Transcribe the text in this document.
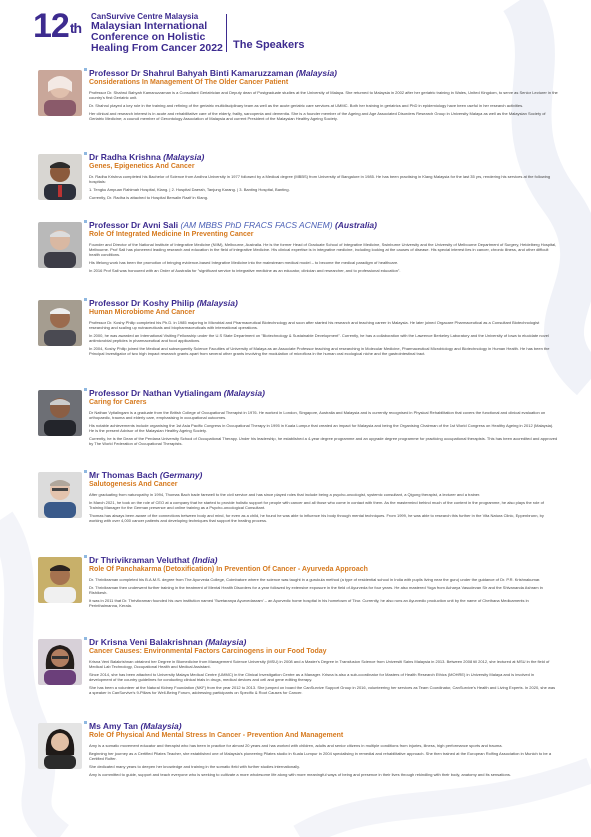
12th
CanSurvive Centre Malaysia
Malaysian International
Conference on Holistic
Healing From Cancer 2022 The Speakers

Professor Dr Shahrul Bahyah Binti Kamaruzzaman (Malaysia)

Considerations In Management Of The Older Cancer Patient

Professor Dr. Shahrul Bahyah Kamaruzzaman is a Consultant Geriatrician and Deputy dean of Postgraduate studies at the University of Malaya. She returned to Malaysia in 2002 after her geriatric training in Wales, United Kingdom, to serve as Senior Lecturer in the country's first Geriatric unit.

Dr. Shahrul played a key role in the training and refining of the geriatric multidisciplinary team as well as the acute geriatric care services at UMMC. Both her training in geriatrics and PhD in epidemiology have been useful in her research activities.

Her clinical and research interest is in acute and rehabilitative care of the elderly, frailty, sarcopenia and dementia. She is a founder member of the Ageing and Age Associated Disorders Research Group in University Malaya as well as the Malaysian Society of Geriatric Medicine; a council member of Gerontology Association of Malaysia and current President of the Malaysian Healthy Ageing Society.

Dr Radha Krishna (Malaysia)

Genes, Epigenetics And Cancer

Dr. Radha Krishna completed his Bachelor of Science from Andhra University in 1977 followed by a Medical degree (MBBS) from University of Bangalore in 1985. He has been practising in Klang Malaysia for the last 35 yrs, rendering his services at the following hospitals:

1. Tengku Ampuan Rahimah Hospital, Klang. | 2. Hospital Daerah, Tanjung Karang. | 3. Banting Hospital, Banting.

Currently, Dr. Radha is attached to Hospital Bersalin Razif in Klang.

Professor Dr Avni Sali (AM MBBS PhD FRACS FACS ACNEM) (Australia)

Role Of Integrated Medicine In Preventing Cancer

Founder and Director of the National Institute of Integrative Medicine (NIIM), Melbourne, Australia. He is the former Head of Graduate School of Integrative Medicine, Swinburne University and the University of Melbourne Department of Surgery, Heidelberg Hospital, Melbourne. Prof Sali has pioneered leading research and education in the field of integrative Medicine. His clinical expertise is in integrative medicine, including looking at the causes of disease. His special interest lies in cancer, chronic illness, and other difficult health conditions.

His lifelong work has been the promotion of bringing evidence-based Integrative Medicine into the mainstream medical model – to become the medical paradigm of healthcare.

In 2016 Prof Sali was honoured with an Order of Australia for "significant service to integrative medicine as an educator, clinician and researcher, and to professional education".

Professor Dr Koshy Philip (Malaysia)

Human Microbiome And Cancer

Professor Dr. Koshy Philip completed his Ph.D. in 1985 majoring in Microbial and Pharmaceutical Biotechnology and soon after started his research and teaching career in Malaysia. He later joined Orgacare Pharmaceutical as a Consultant Biotechnologist researching and scaling up nutraceuticals and biopharmaceuticals with international operations.

In 2000, he was awarded an International Visiting Fellowship under the U.S State Department on "Biotechnology & Sustainable Development". Currently, he has a collaboration with the Lawrence Berkeley Laboratory and the University of Iowa to elucidate novel antimicrobial peptides in pharmaceutical and food applications.

In 2004, Koshy Philip joined the Medical and subsequently Science Faculties of University of Malaya as an Associate Professor teaching and researching in Molecular Medicine, Pharmaceutical Microbiology and Biotechnology in Human Health. He has been the Principal Investigator of two high impact research grants apart from several other grants involving the modulation of microflora in the human oral ecological niche and the gastrointestinal tract.

Professor Dr Nathan Vytialingam (Malaysia)

Caring for Carers

Dr Nathan Vytialingam is a graduate from the British College of Occupational Therapist in 1976. He worked in London, Singapore, Australia and Malaysia and is currently recognised in Physical Rehabilitation that covers the functional and clinical evaluation on orthopaedic, trauma and elderly care, emphasising in occupational outcomes.

His notable achievements include organising the 1st Asia Pacific Congress in Occupational Therapy in 1995 in Kuala Lumpur that created an impact for Malaysia and being the Organising Chairman of the 1st World Congress on Healthy Ageing in 2012 (Malaysia). He is the present Advisor of the Malaysian Healthy Ageing Society.

Currently, he is the Dean of the Perdana University School of Occupational Therapy. Under his leadership, he established a 4-year degree programme and an upgrade degree programme for practicing occupational therapists. This has been accredited and approved by The World Federation of Occupational Therapists.

Mr Thomas Bach (Germany)

Salutogenesis And Cancer

After graduating from naturopathy in 1994, Thomas Bach bade farewell to the civil service and has since played roles that include being a psycho-oncologist, systemic consultant, a Qigong therapist, a lecturer and a trainer.

In March 2021, he took on the role of CEO at a company that he started to provide holistic support for people with cancer and all those who come in contact with them. As the mastermind behind much of the content in the programme, he also plays the role of Training Manager for the German presence and online training as a Psycho-oncological Consultant.

Thomas has always been aware of the connections between body and mind, for even as a child, he found he was able to influence his body through mental techniques. From 1999, he was able to research this further in the Vita Natura Clinic, Eppenbrunn, by working with over 4,000 cancer patients and developing techniques that support the healing process.

Dr Thrivikraman Veluthat (India)

Role Of Panchakarma (Detoxification) In Prevention Of Cancer - Ayurveda Approach

Dr. Thrivikraman completed his B.A.M.S. degree from The Ayurveda College, Coimbatore where the science was taught in a gurukula method (a type of residential school in India with pupils living near the guru) under the guidance of Dr. P.R. Krishnakumar.

Dr. Thrivikraman then underwent further training in the treatment of Mental Health Disorders for a year followed by extensive exposure in the field of Ayurveda for four years. He also mastered Yoga from Acharya Vasudevan Sir and the Shivananda Ashram in Rishikesh.

It was in 2011 that Dr. Thrivikraman founded his own institution named 'Swetaranya Ayurvedasram' – an Ayurvedic home hospital in his hometown of Tirur. Currently, he also runs an Ayurvedic production unit by the name of Chethana Medicaments in Perinthalmanna, Kerala.

Dr Krisna Veni Balakrishnan (Malaysia)

Cancer Causes: Environmental Factors Carcinogens in our Food Today

Krisna Veni Balakrishnan obtained her Degree in Biomedicine from Management Science University (MSU) in 2008 and a Master's Degree in Transfusion Science from Universiti Sains Malaysia in 2013. Between 2008 till 2012, she lectured at MSU in the field of Medical Lab Technology, Occupational Health and Medical Assistant.

Since 2014, she has been attached to University Malaya Medical Centre (UMMC) in the Clinical Investigation Centre as a Manager. Krisna is also a sub-coordinator for Masters of Health Research Ethics (MOHRE) in University Malaya and is involved in development of the country guidelines for conducting clinical trials in drugs, medical devices and cell and gene editing therapy.

She has been a volunteer at the Natural Kidney Foundation (NKF) from the year 2012 to 2013. She jumped on board the CanSurvive Support Group in 2016, volunteering her services as Team Coordinator, CanSurvive's Health and Living Experts. In 2020, she was a speaker in CanSurvive's 9-Pillars for Well-Being Forum, addressing participants on Specific & Root Causes for Cancer.

Ms Amy Tan (Malaysia)

Role Of Physical And Mental Stress In Cancer - Prevention And Management

Amy is a somatic movement educator and therapist who has been in practice for almost 20 years and has worked with children, adults and senior citizens in multiple conditions from injuries, illness, high performance sports and trauma.

Beginning her journey as a Certified Pilates Teacher, she established one of Malaysia's pioneering Pilates studio in Kuala Lumpur in 2004 specialising in remedial and rehabilitative approach. She then trained at the European Rolfing Association in Munich to be a Certified Rolfer.

She dedicated many years to deepen her knowledge and training in the somatic field with further studies internationally.

Amy is committed to guide, support and teach everyone who is seeking to cultivate a more wholesome life along with more meaningful ways of being and presence in their lives through rekindling with their body, anatomy and its sensations.
